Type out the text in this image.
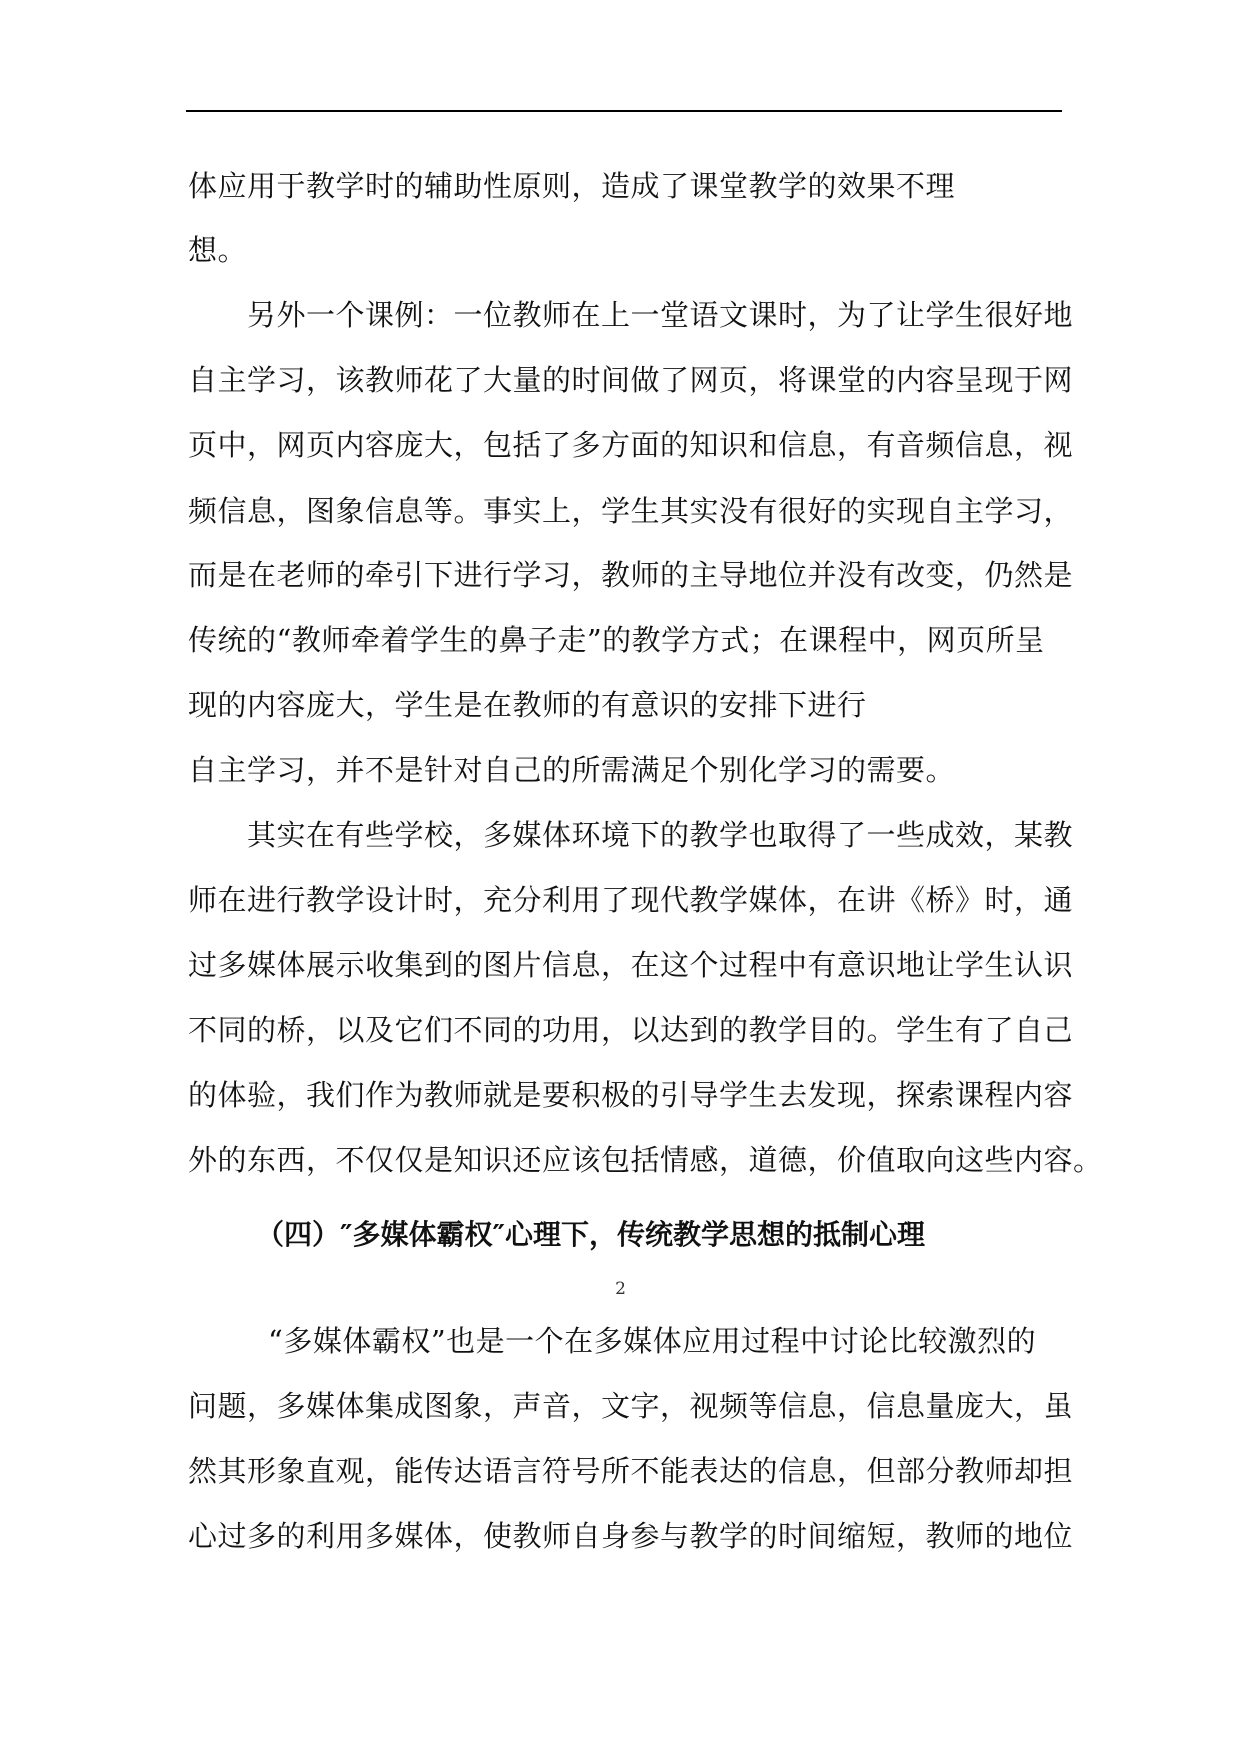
体应用于教学时的辅助性原则，造成了课堂教学的效果不理
想。
另外一个课例：一位教师在上一堂语文课时，为了让学生很好地
自主学习，该教师花了大量的时间做了网页，将课堂的内容呈现于网
页中，网页内容庞大，包括了多方面的知识和信息，有音频信息，视
频信息，图象信息等。事实上，学生其实没有很好的实现自主学习，
而是在老师的牵引下进行学习，教师的主导地位并没有改变，仍然是
传统的“教师牵着学生的鼻子走”的教学方式；在课程中，网页所呈
现的内容庞大，学生是在教师的有意识的安排下进行
自主学习，并不是针对自己的所需满足个别化学习的需要。
其实在有些学校，多媒体环境下的教学也取得了一些成效，某教
师在进行教学设计时，充分利用了现代教学媒体，在讲《桥》时，通
过多媒体展示收集到的图片信息，在这个过程中有意识地让学生认识
不同的桥，以及它们不同的功用，以达到的教学目的。学生有了自己
的体验，我们作为教师就是要积极的引导学生去发现，探索课程内容
外的东西，不仅仅是知识还应该包括情感，道德，价值取向这些内容。
（四）″多媒体霸权″心理下，传统教学思想的抵制心理
2
“多媒体霸权”也是一个在多媒体应用过程中讨论比较激烈的
问题，多媒体集成图象，声音，文字，视频等信息，信息量庞大，虽
然其形象直观，能传达语言符号所不能表达的信息，但部分教师却担
心过多的利用多媒体，使教师自身参与教学的时间缩短，教师的地位
